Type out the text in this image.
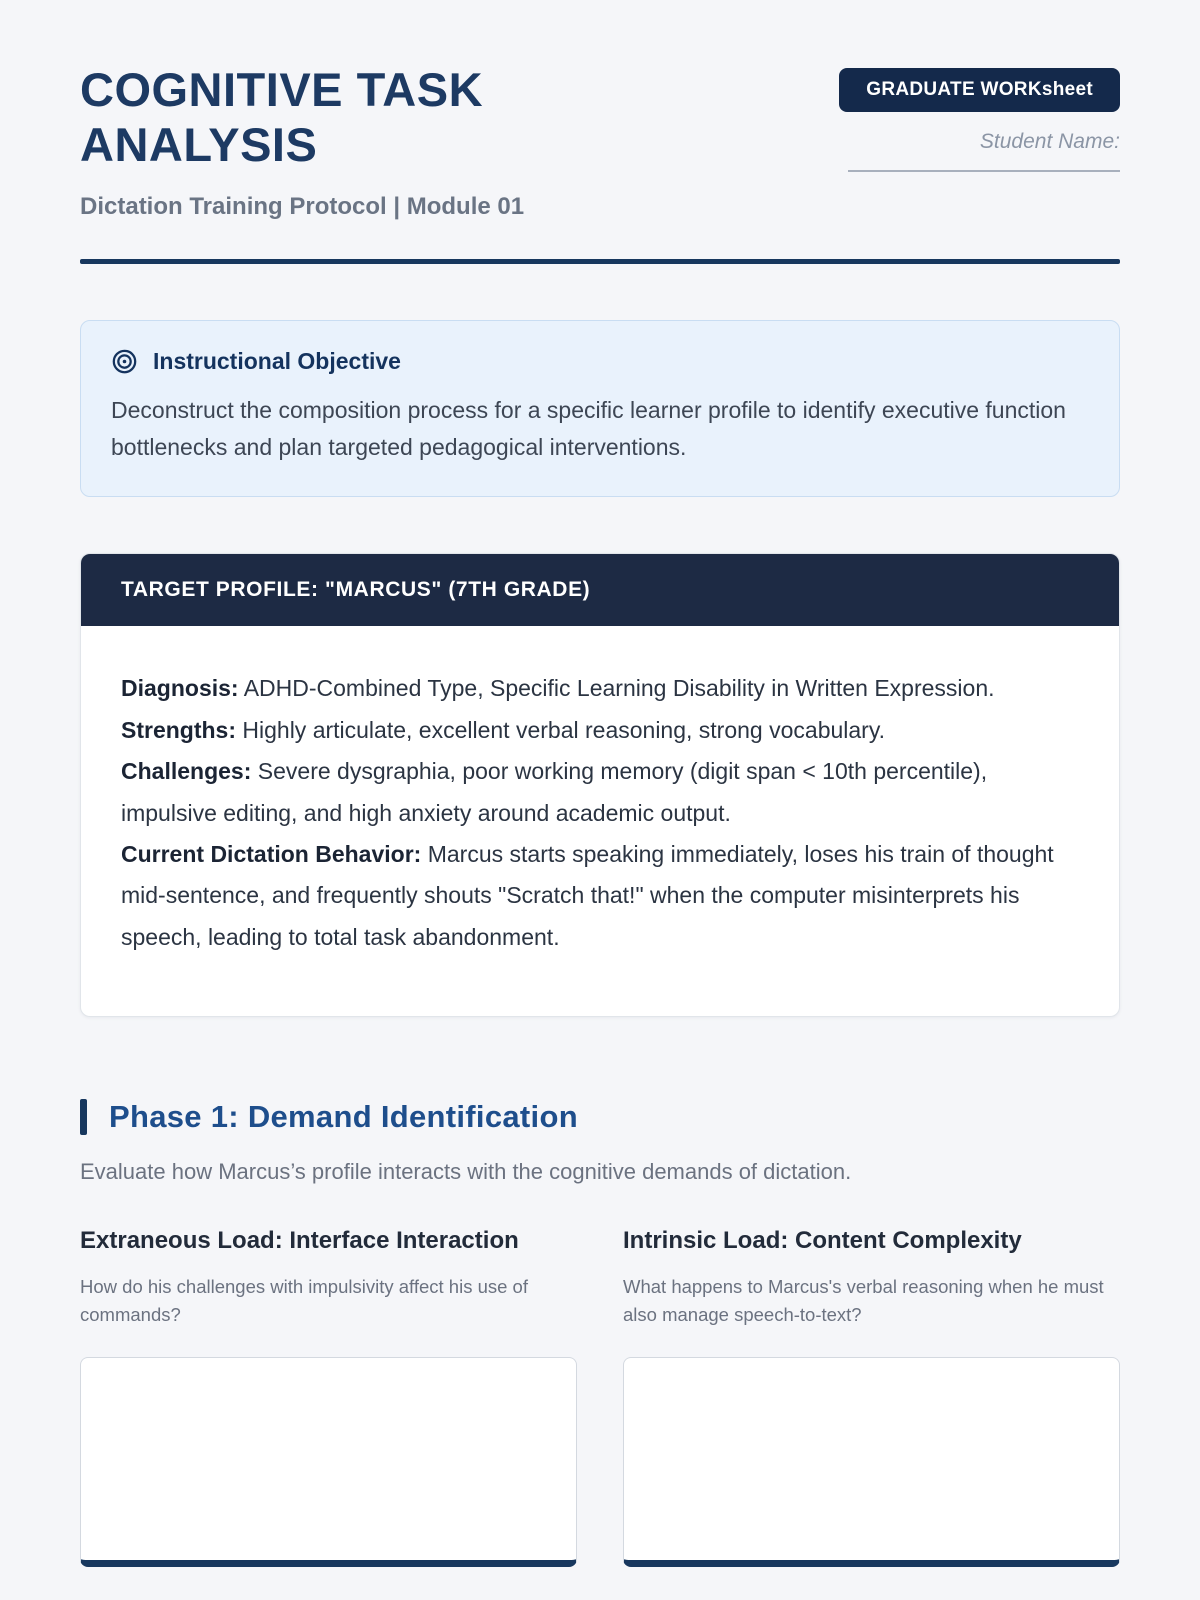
COGNITIVE TASK ANALYSIS
GRADUATE WORKsheet
Student Name:
Dictation Training Protocol | Module 01
Instructional Objective
Deconstruct the composition process for a specific learner profile to identify executive function bottlenecks and plan targeted pedagogical interventions.
TARGET PROFILE: "MARCUS" (7TH GRADE)
Diagnosis: ADHD-Combined Type, Specific Learning Disability in Written Expression.
Strengths: Highly articulate, excellent verbal reasoning, strong vocabulary.
Challenges: Severe dysgraphia, poor working memory (digit span < 10th percentile), impulsive editing, and high anxiety around academic output.
Current Dictation Behavior: Marcus starts speaking immediately, loses his train of thought mid-sentence, and frequently shouts "Scratch that!" when the computer misinterprets his speech, leading to total task abandonment.
Phase 1: Demand Identification
Evaluate how Marcus’s profile interacts with the cognitive demands of dictation.
Extraneous Load: Interface Interaction
How do his challenges with impulsivity affect his use of commands?
Intrinsic Load: Content Complexity
What happens to Marcus's verbal reasoning when he must also manage speech-to-text?
